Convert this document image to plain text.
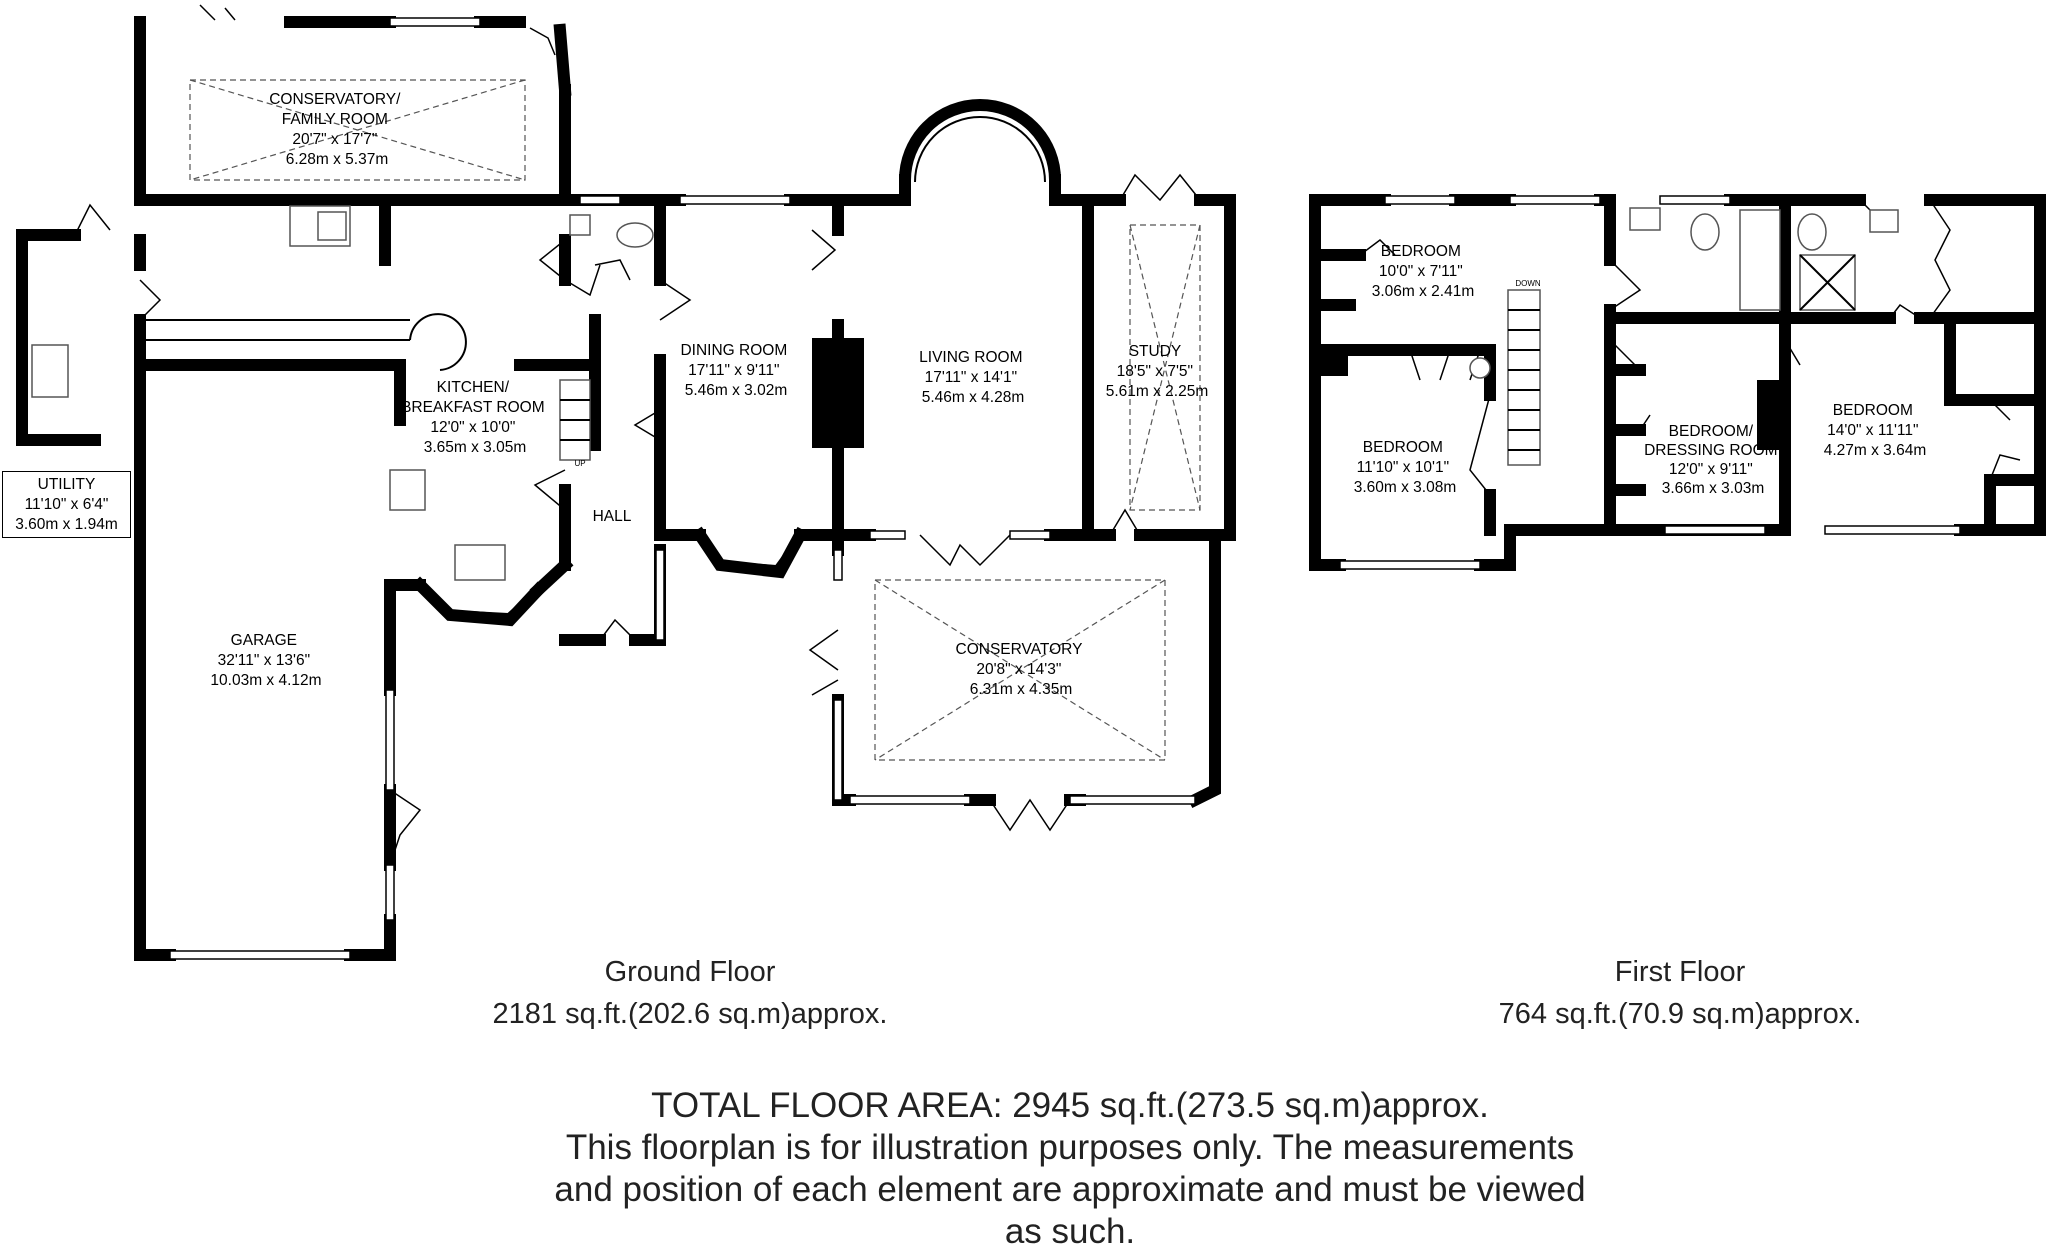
CONSERVATORY/ FAMILY ROOM 20'7" x 17'7" 6.28m x 5.37m
KITCHEN/ BREAKFAST ROOM 12'0" x 10'0" 3.65m x 3.05m
DINING ROOM 17'11" x 9'11" 5.46m x 3.02m
LIVING ROOM 17'11" x 14'1" 5.46m x 4.28m
STUDY 18'5" x 7'5" 5.61m x 2.25m
HALL
GARAGE 32'11" x 13'6" 10.03m x 4.12m
CONSERVATORY 20'8" x 14'3" 6.31m x 4.35m
UP
BEDROOM 10'0" x 7'11" 3.06m x 2.41m
BEDROOM 11'10" x 10'1" 3.60m x 3.08m
BEDROOM/ DRESSING ROOM 12'0" x 9'11" 3.66m x 3.03m
BEDROOM 14'0" x 11'11" 4.27m x 3.64m
DOWN
UTILITY
11'10" x 6'4"
3.60m x 1.94m
Ground Floor
2181 sq.ft.(202.6 sq.m)approx.
First Floor
764 sq.ft.(70.9 sq.m)approx.
TOTAL FLOOR AREA: 2945 sq.ft.(273.5 sq.m)approx.
This floorplan is for illustration purposes only. The measurements
and position of each element are approximate and must be viewed
as such.
